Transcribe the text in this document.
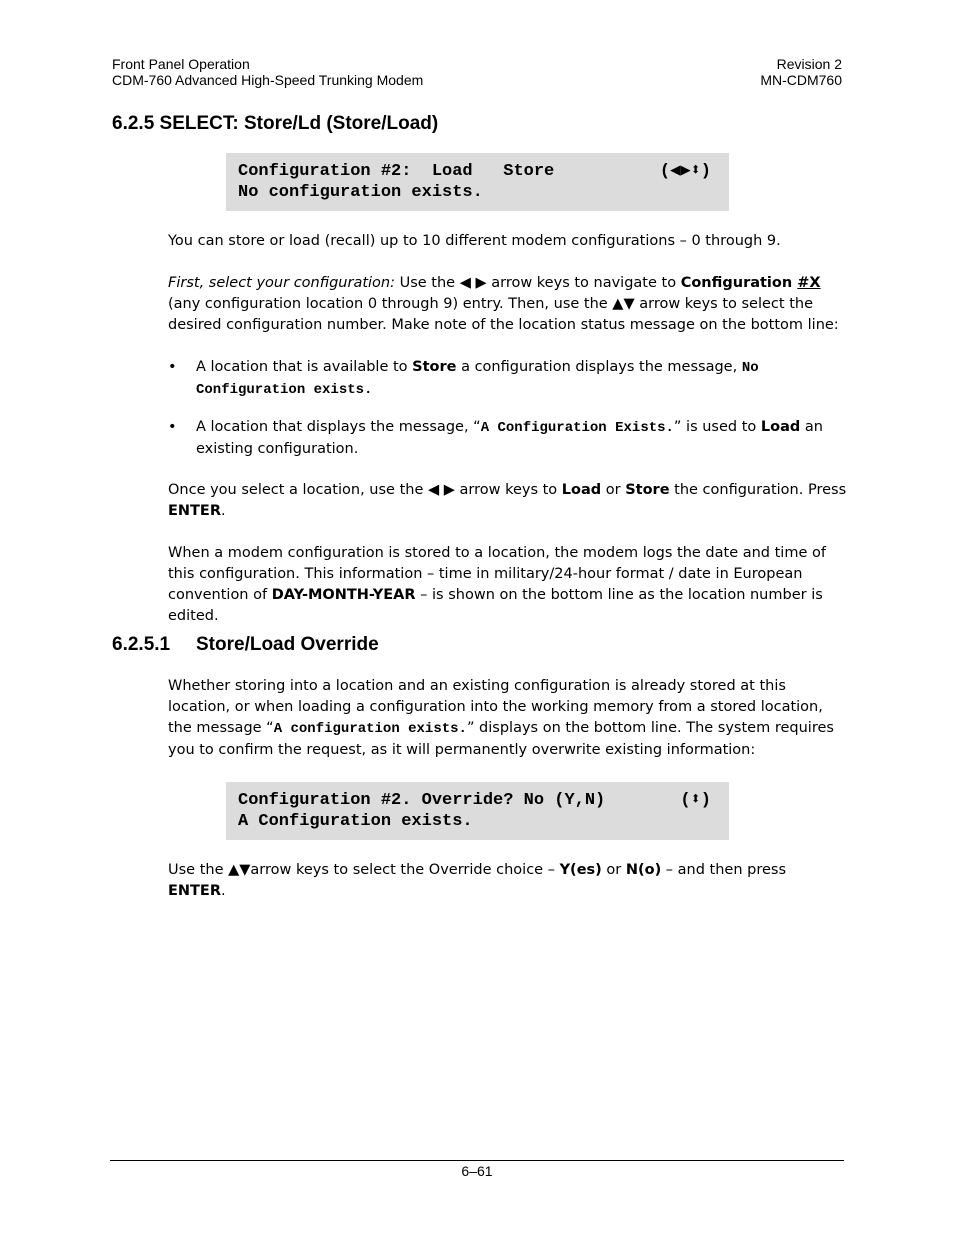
Front Panel Operation
CDM-760 Advanced High-Speed Trunking Modem
Revision 2
MN-CDM760
6.2.5 SELECT: Store/Ld (Store/Load)
Configuration #2:  Load   Store
No configuration exists.
(◀▶⬍)
You can store or load (recall) up to 10 different modem configurations – 0 through 9.
First, select your configuration: Use the ◀ ▶ arrow keys to navigate to Configuration #X (any configuration location 0 through 9) entry. Then, use the ▲▼ arrow keys to select the desired configuration number. Make note of the location status message on the bottom line:
• A location that is available to Store a configuration displays the message, No Configuration exists.
• A location that displays the message, “A Configuration Exists.” is used to Load an existing configuration.
Once you select a location, use the ◀ ▶ arrow keys to Load or Store the configuration. Press ENTER.
When a modem configuration is stored to a location, the modem logs the date and time of this configuration. This information – time in military/24-hour format / date in European convention of DAY-MONTH-YEAR – is shown on the bottom line as the location number is edited.
6.2.5.1 Store/Load Override
Whether storing into a location and an existing configuration is already stored at this location, or when loading a configuration into the working memory from a stored location, the message “A configuration exists.” displays on the bottom line. The system requires you to confirm the request, as it will permanently overwrite existing information:
Configuration #2. Override? No (Y,N)
A Configuration exists.
(⬍)
Use the ▲▼arrow keys to select the Override choice – Y(es) or N(o) – and then press ENTER.
6–61
